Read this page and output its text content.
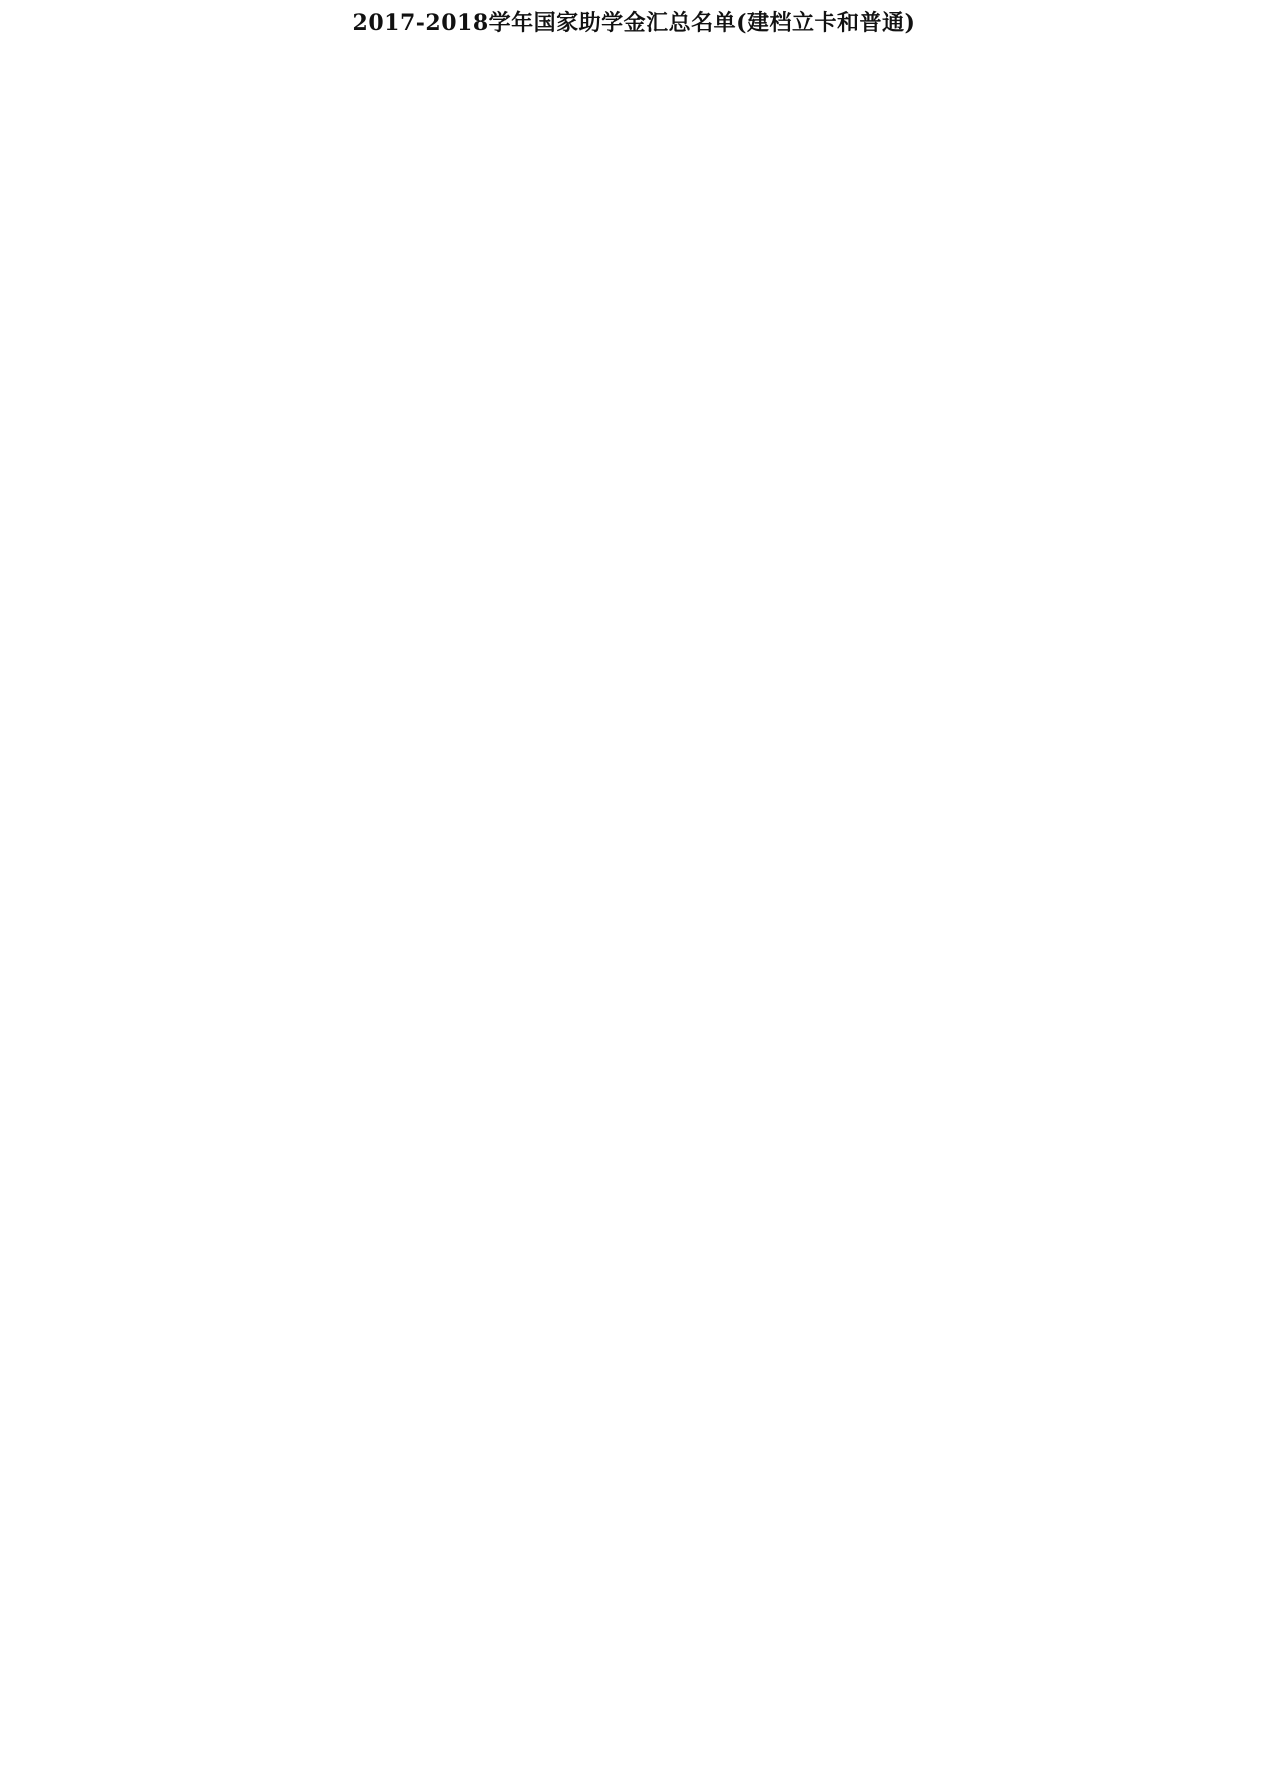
2017-2018学年国家助学金汇总名单(建档立卡和普通)
